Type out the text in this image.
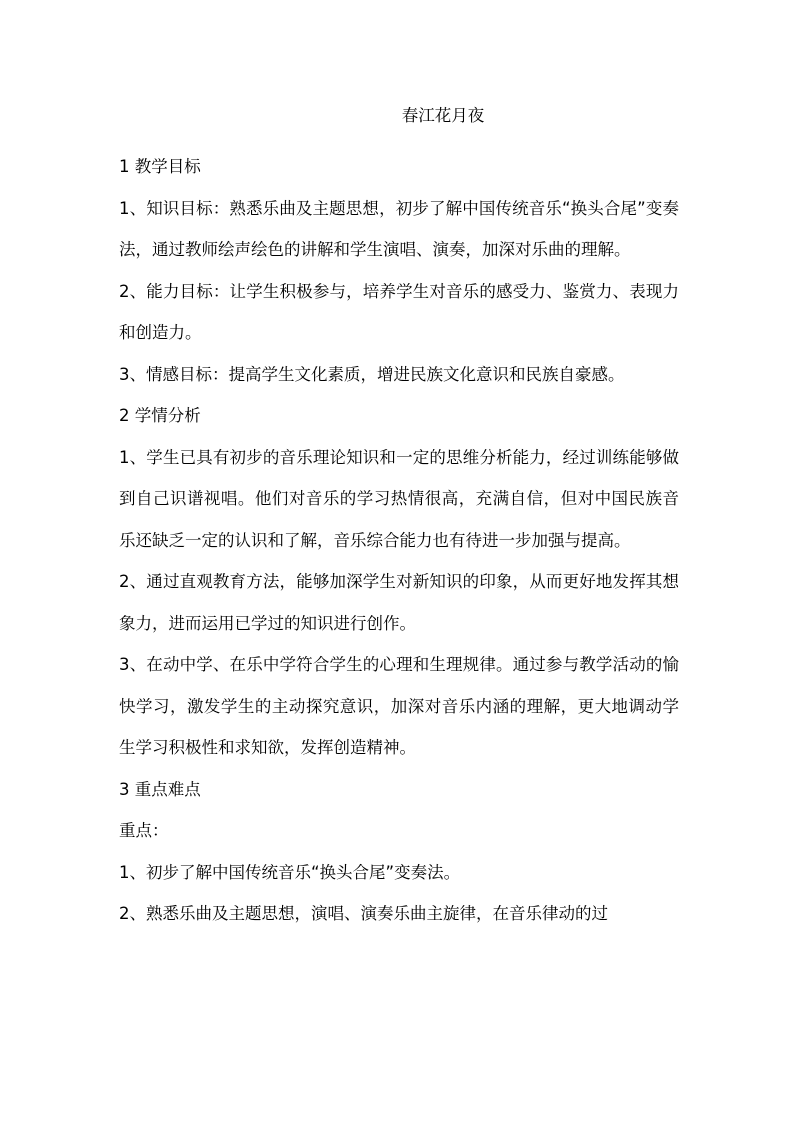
春江花月夜

1 教学目标

1、知识目标：熟悉乐曲及主题思想，初步了解中国传统音乐“换头合尾”变奏法，通过教师绘声绘色的讲解和学生演唱、演奏，加深对乐曲的理解。

2、能力目标：让学生积极参与，培养学生对音乐的感受力、鉴赏力、表现力和创造力。

3、情感目标：提高学生文化素质，增进民族文化意识和民族自豪感。

2 学情分析

1、学生已具有初步的音乐理论知识和一定的思维分析能力，经过训练能够做到自己识谱视唱。他们对音乐的学习热情很高，充满自信，但对中国民族音乐还缺乏一定的认识和了解，音乐综合能力也有待进一步加强与提高。

2、通过直观教育方法，能够加深学生对新知识的印象，从而更好地发挥其想象力，进而运用已学过的知识进行创作。

3、在动中学、在乐中学符合学生的心理和生理规律。通过参与教学活动的愉快学习，激发学生的主动探究意识，加深对音乐内涵的理解，更大地调动学生学习积极性和求知欲，发挥创造精神。

3 重点难点

重点：

1、初步了解中国传统音乐“换头合尾”变奏法。

2、熟悉乐曲及主题思想，演唱、演奏乐曲主旋律，在音乐律动的过
